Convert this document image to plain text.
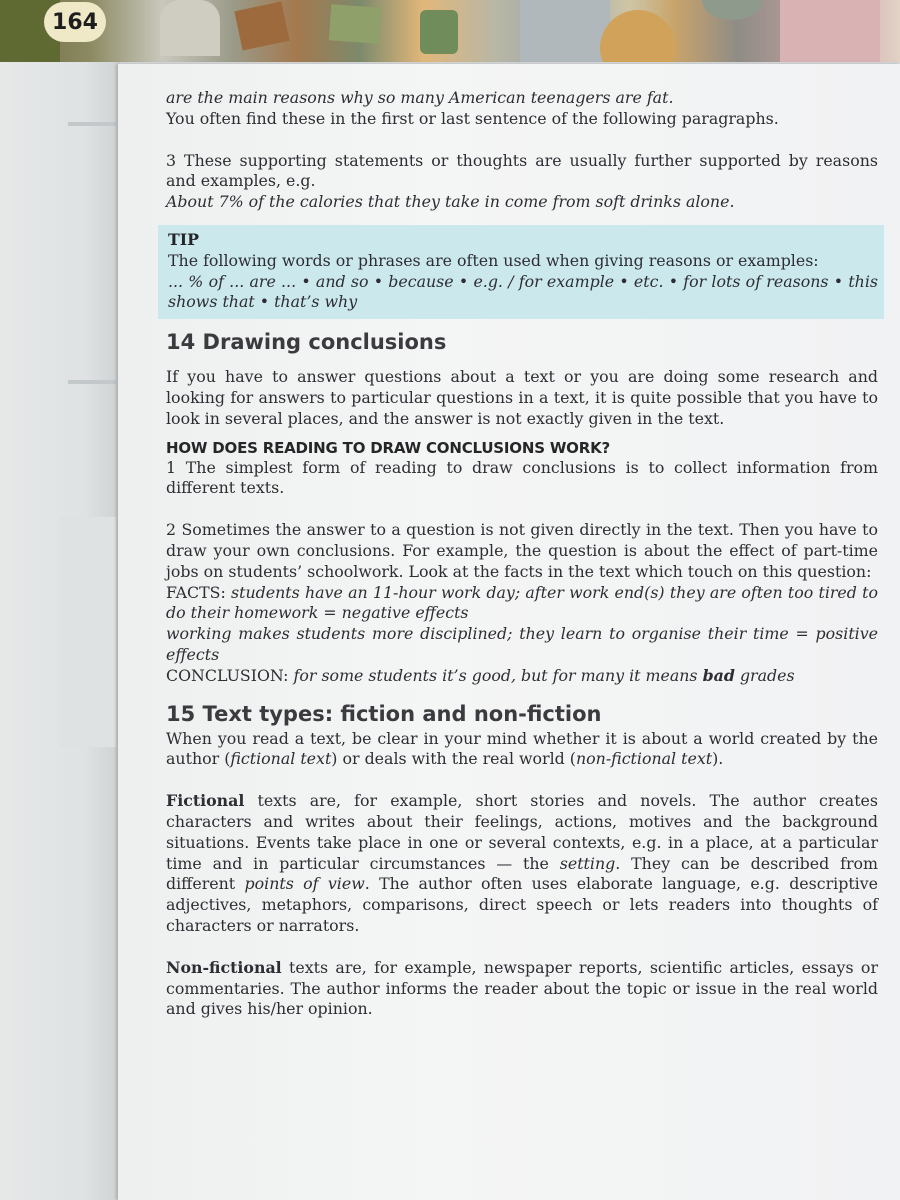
164

are the main reasons why so many American teenagers are fat.

You often find these in the first or last sentence of the following paragraphs.

3 These supporting statements or thoughts are usually further supported by reasons and examples, e.g.

About 7% of the calories that they take in come from soft drinks alone.

TIP

The following words or phrases are often used when giving reasons or examples:

... % of ... are ... • and so • because • e.g. / for example • etc. • for lots of reasons • this shows that • that’s why

14 Drawing conclusions

If you have to answer questions about a text or you are doing some research and looking for answers to particular questions in a text, it is quite possible that you have to look in several places, and the answer is not exactly given in the text.

HOW DOES READING TO DRAW CONCLUSIONS WORK?

1 The simplest form of reading to draw conclusions is to collect information from different texts.

2 Sometimes the answer to a question is not given directly in the text. Then you have to draw your own conclusions. For example, the question is about the effect of part-time jobs on students’ schoolwork. Look at the facts in the text which touch on this question:

FACTS: students have an 11-hour work day; after work end(s) they are often too tired to do their homework = negative effects

working makes students more disciplined; they learn to organise their time = positive effects

CONCLUSION: for some students it’s good, but for many it means bad grades

15 Text types: fiction and non-fiction

When you read a text, be clear in your mind whether it is about a world created by the author (fictional text) or deals with the real world (non-fictional text).

Fictional texts are, for example, short stories and novels. The author creates characters and writes about their feelings, actions, motives and the background situations. Events take place in one or several contexts, e.g. in a place, at a particular time and in particular circumstances — the setting. They can be described from different points of view. The author often uses elaborate language, e.g. descriptive adjectives, metaphors, comparisons, direct speech or lets readers into thoughts of characters or narrators.

Non-fictional texts are, for example, newspaper reports, scientific articles, essays or commentaries. The author informs the reader about the topic or issue in the real world and gives his/her opinion.
